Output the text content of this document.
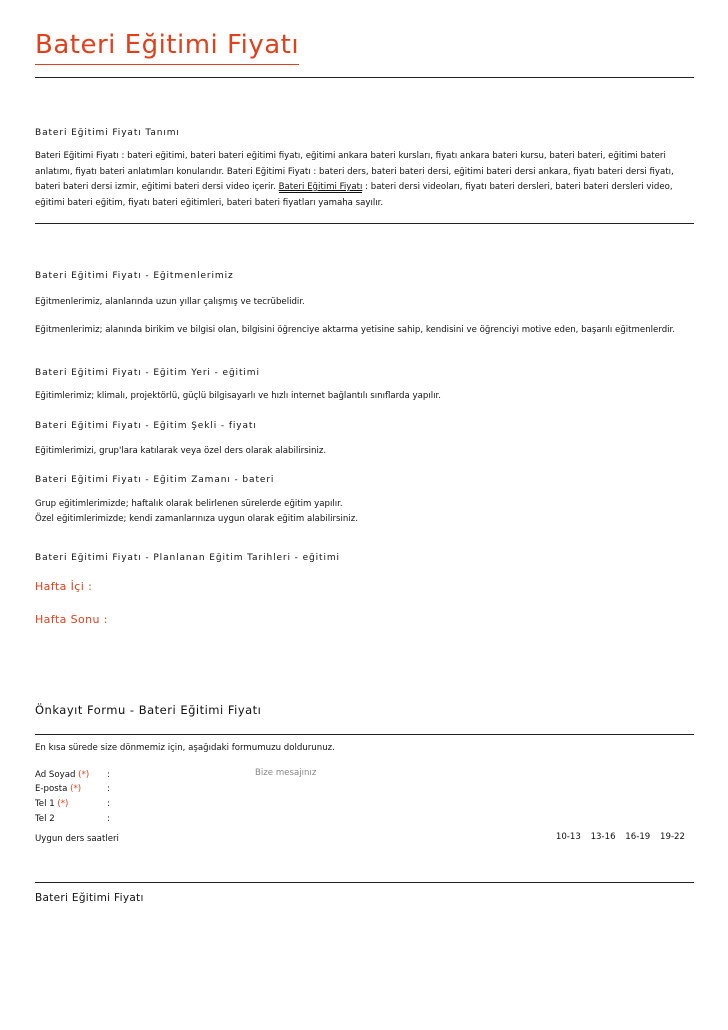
Bateri Eğitimi Fiyatı
Bateri Eğitimi Fiyatı Tanımı
Bateri Eğitimi Fiyatı : bateri eğitimi, bateri bateri eğitimi fiyatı, eğitimi ankara bateri kursları, fiyatı ankara bateri kursu, bateri bateri, eğitimi bateri anlatımı, fiyatı bateri anlatımları konularıdır. Bateri Eğitimi Fiyatı : bateri ders, bateri bateri dersi, eğitimi bateri dersi ankara, fiyatı bateri dersi fiyatı, bateri bateri dersi izmir, eğitimi bateri dersi video içerir. Bateri Eğitimi Fiyatı : bateri dersi videoları, fiyatı bateri dersleri, bateri bateri dersleri video, eğitimi bateri eğitim, fiyatı bateri eğitimleri, bateri bateri fiyatları yamaha sayılır.
Bateri Eğitimi Fiyatı - Eğitmenlerimiz
Eğitmenlerimiz, alanlarında uzun yıllar çalışmış ve tecrübelidir.
Eğitmenlerimiz; alanında birikim ve bilgisi olan, bilgisini öğrenciye aktarma yetisine sahip, kendisini ve öğrenciyi motive eden, başarılı eğitmenlerdir.
Bateri Eğitimi Fiyatı - Eğitim Yeri - eğitimi
Eğitimlerimiz; klimalı, projektörlü, güçlü bilgisayarlı ve hızlı internet bağlantılı sınıflarda yapılır.
Bateri Eğitimi Fiyatı - Eğitim Şekli - fiyatı
Eğitimlerimizi, grup'lara katılarak veya özel ders olarak alabilirsiniz.
Bateri Eğitimi Fiyatı - Eğitim Zamanı - bateri
Grup eğitimlerimizde; haftalık olarak belirlenen sürelerde eğitim yapılır.
Özel eğitimlerimizde; kendi zamanlarınıza uygun olarak eğitim alabilirsiniz.
Bateri Eğitimi Fiyatı - Planlanan Eğitim Tarihleri - eğitimi
Hafta İçi :
Hafta Sonu :
Önkayıt Formu - Bateri Eğitimi Fiyatı
En kısa sürede size dönmemiz için, aşağıdaki formumuzu doldurunuz.
Ad Soyad (*)	:
E-posta (*)	:
Tel 1 (*)	:
Tel 2	:
Bize mesajınız
Uygun ders saatleri	10-13 13-16 16-19 19-22
Bateri Eğitimi Fiyatı
